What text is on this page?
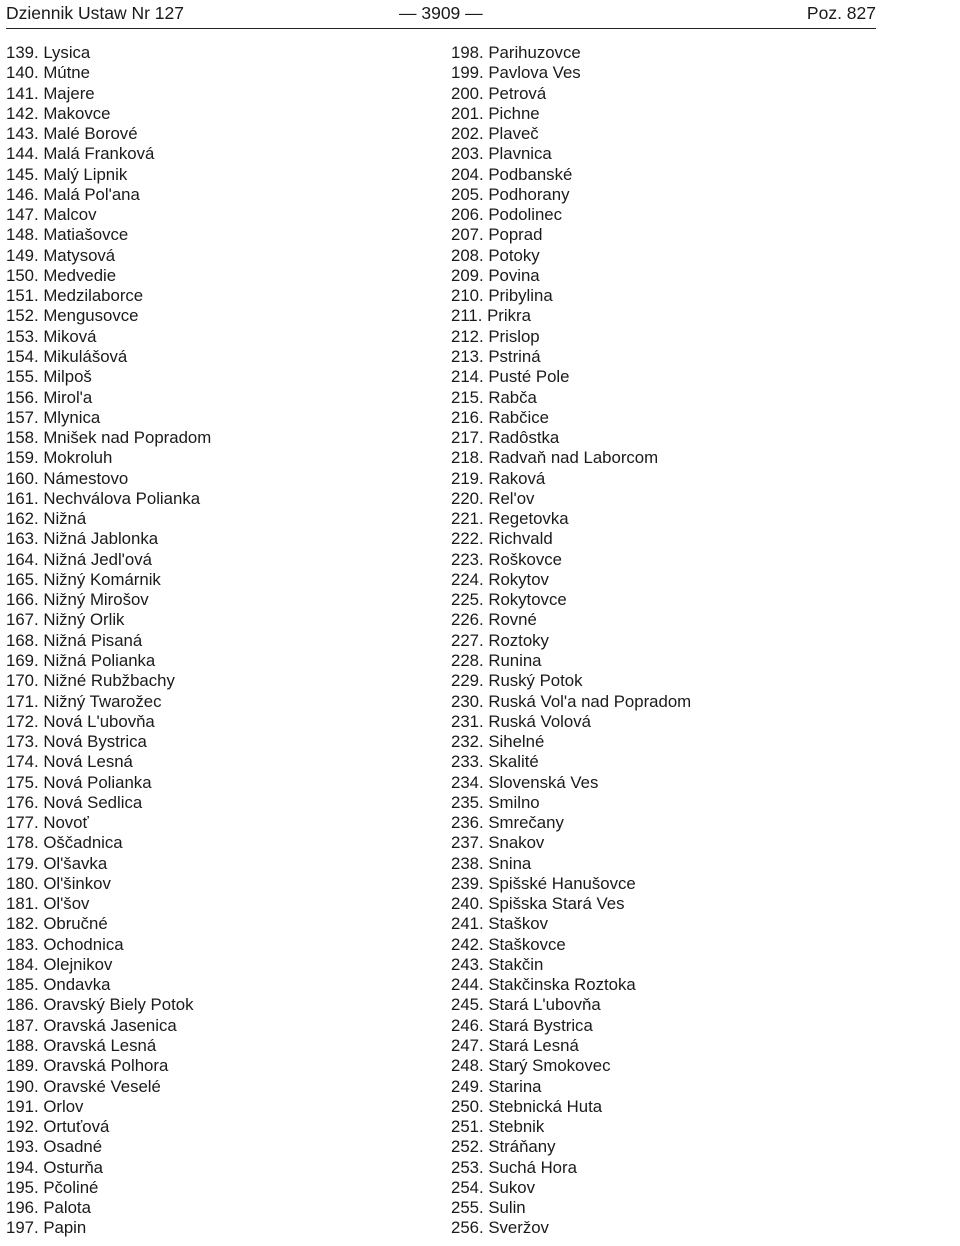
Dziennik Ustaw Nr 127	— 3909 —	Poz. 827
139. Lysica
140. Mútne
141. Majere
142. Makovce
143. Malé Borové
144. Malá Franková
145. Malý Lipnik
146. Malá Pol'ana
147. Malcov
148. Matiašovce
149. Matysová
150. Medvedie
151. Medzilaborce
152. Mengusovce
153. Miková
154. Mikulášová
155. Milpoš
156. Mirol'a
157. Mlynica
158. Mnišek nad Popradom
159. Mokroluh
160. Námestovo
161. Nechválova Polianka
162. Nižná
163. Nižná Jablonka
164. Nižná Jedl'ová
165. Nižný Komárnik
166. Nižný Mirošov
167. Nižný Orlik
168. Nižná Pisaná
169. Nižná Polianka
170. Nižné Rubžbachy
171. Nižný Twarožec
172. Nová L'ubovňa
173. Nová Bystrica
174. Nová Lesná
175. Nová Polianka
176. Nová Sedlica
177. Novoť
178. Oščadnica
179. Ol'šavka
180. Ol'šinkov
181. Ol'šov
182. Obručné
183. Ochodnica
184. Olejnikov
185. Ondavka
186. Oravský Biely Potok
187. Oravská Jasenica
188. Oravská Lesná
189. Oravská Polhora
190. Oravské Veselé
191. Orlov
192. Ortuťová
193. Osadné
194. Osturňa
195. Pčoliné
196. Palota
197. Papin
198. Parihuzovce
199. Pavlova Ves
200. Petrová
201. Pichne
202. Plaveč
203. Plavnica
204. Podbanské
205. Podhorany
206. Podolinec
207. Poprad
208. Potoky
209. Povina
210. Pribylina
211. Prikra
212. Prislop
213. Pstriná
214. Pusté Pole
215. Rabča
216. Rabčice
217. Radôstka
218. Radvaň nad Laborcom
219. Raková
220. Rel'ov
221. Regetovka
222. Richvald
223. Roškovce
224. Rokytov
225. Rokytovce
226. Rovné
227. Roztoky
228. Runina
229. Ruský Potok
230. Ruská Vol'a nad Popradom
231. Ruská Volová
232. Sihelné
233. Skalité
234. Slovenská Ves
235. Smilno
236. Smrečany
237. Snakov
238. Snina
239. Spišské Hanušovce
240. Spišska Stará Ves
241. Staškov
242. Staškovce
243. Stakčin
244. Stakčinska Roztoka
245. Stará L'ubovňa
246. Stará Bystrica
247. Stará Lesná
248. Starý Smokovec
249. Starina
250. Stebnická Huta
251. Stebnik
252. Stráňany
253. Suchá Hora
254. Sukov
255. Sulin
256. Sveržov
